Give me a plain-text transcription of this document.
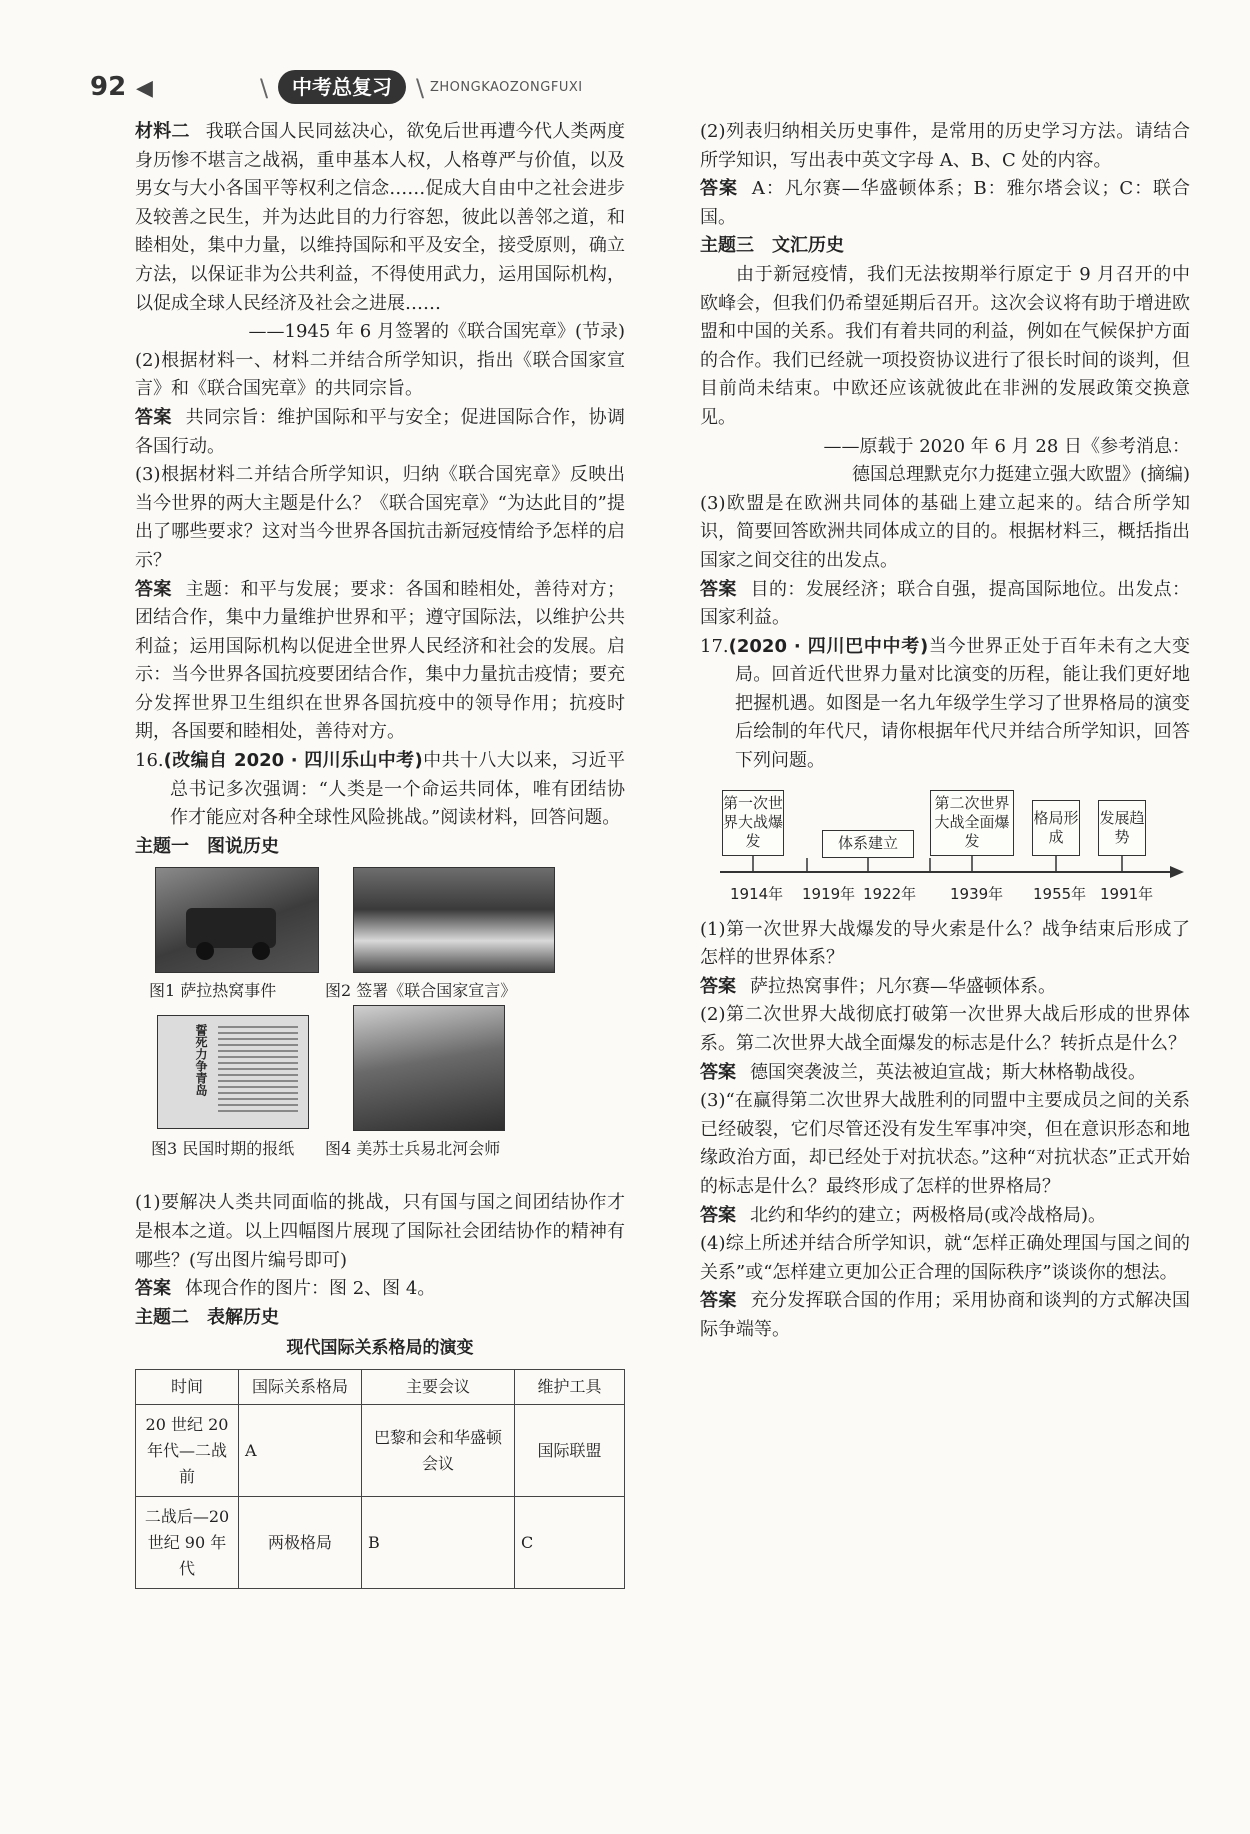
92 ◀	\	中考总复习	\ ZHONGKAOZONGFUXI

材料二 我联合国人民同兹决心，欲免后世再遭今代人类两度身历惨不堪言之战祸，重申基本人权，人格尊严与价值，以及男女与大小各国平等权利之信念……促成大自由中之社会进步及较善之民生，并为达此目的力行容恕，彼此以善邻之道，和睦相处，集中力量，以维持国际和平及安全，接受原则，确立方法，以保证非为公共利益，不得使用武力，运用国际机构，以促成全球人民经济及社会之进展……

——1945 年 6 月签署的《联合国宪章》(节录)

(2)根据材料一、材料二并结合所学知识，指出《联合国家宣言》和《联合国宪章》的共同宗旨。

答案 共同宗旨：维护国际和平与安全；促进国际合作，协调各国行动。

(3)根据材料二并结合所学知识，归纳《联合国宪章》反映出当今世界的两大主题是什么？《联合国宪章》“为达此目的”提出了哪些要求？这对当今世界各国抗击新冠疫情给予怎样的启示？

答案 主题：和平与发展；要求：各国和睦相处，善待对方；团结合作，集中力量维护世界和平；遵守国际法，以维护公共利益；运用国际机构以促进全世界人民经济和社会的发展。启示：当今世界各国抗疫要团结合作，集中力量抗击疫情；要充分发挥世界卫生组织在世界各国抗疫中的领导作用；抗疫时期，各国要和睦相处，善待对方。

16.(改编自 2020 · 四川乐山中考)中共十八大以来，习近平总书记多次强调：“人类是一个命运共同体，唯有团结协作才能应对各种全球性风险挑战。”阅读材料，回答问题。

主题一　图说历史

图1 萨拉热窝事件	图2 签署《联合国家宣言》
誓死力争青岛
图3 民国时期的报纸 图4 美苏士兵易北河会师

(1)要解决人类共同面临的挑战，只有国与国之间团结协作才是根本之道。以上四幅图片展现了国际社会团结协作的精神有哪些？(写出图片编号即可)

答案 体现合作的图片：图 2、图 4。

主题二　表解历史

现代国际关系格局的演变
时间	国际关系格局	主要会议	维护工具
20 世纪 20 年代—二战前	A	巴黎和会和华盛顿会议	国际联盟
二战后—20 世纪 90 年代	两极格局	B	C

(2)列表归纳相关历史事件，是常用的历史学习方法。请结合所学知识，写出表中英文字母 A、B、C 处的内容。

答案 A：凡尔赛—华盛顿体系；B：雅尔塔会议；C：联合国。

主题三　文汇历史

由于新冠疫情，我们无法按期举行原定于 9 月召开的中欧峰会，但我们仍希望延期后召开。这次会议将有助于增进欧盟和中国的关系。我们有着共同的利益，例如在气候保护方面的合作。我们已经就一项投资协议进行了很长时间的谈判，但目前尚未结束。中欧还应该就彼此在非洲的发展政策交换意见。

——原载于 2020 年 6 月 28 日《参考消息：

德国总理默克尔力挺建立强大欧盟》(摘编)

(3)欧盟是在欧洲共同体的基础上建立起来的。结合所学知识，简要回答欧洲共同体成立的目的。根据材料三，概括指出国家之间交往的出发点。

答案 目的：发展经济；联合自强，提高国际地位。出发点：国家利益。

17.(2020 · 四川巴中中考)当今世界正处于百年未有之大变局。回首近代世界力量对比演变的历程，能让我们更好地把握机遇。如图是一名九年级学生学习了世界格局的演变后绘制的年代尺，请你根据年代尺并结合所学知识，回答下列问题。

第一次世界大战爆发	体系建立
第二次世界大战全面爆发
格局形成
发展趋势
1914年 1919年 1922年 1939年 1955年 1991年

(1)第一次世界大战爆发的导火索是什么？战争结束后形成了怎样的世界体系？

答案 萨拉热窝事件；凡尔赛—华盛顿体系。

(2)第二次世界大战彻底打破第一次世界大战后形成的世界体系。第二次世界大战全面爆发的标志是什么？转折点是什么？

答案 德国突袭波兰，英法被迫宣战；斯大林格勒战役。

(3)“在赢得第二次世界大战胜利的同盟中主要成员之间的关系已经破裂，它们尽管还没有发生军事冲突，但在意识形态和地缘政治方面，却已经处于对抗状态。”这种“对抗状态”正式开始的标志是什么？最终形成了怎样的世界格局？

答案 北约和华约的建立；两极格局(或冷战格局)。

(4)综上所述并结合所学知识，就“怎样正确处理国与国之间的关系”或“怎样建立更加公正合理的国际秩序”谈谈你的想法。

答案 充分发挥联合国的作用；采用协商和谈判的方式解决国际争端等。
